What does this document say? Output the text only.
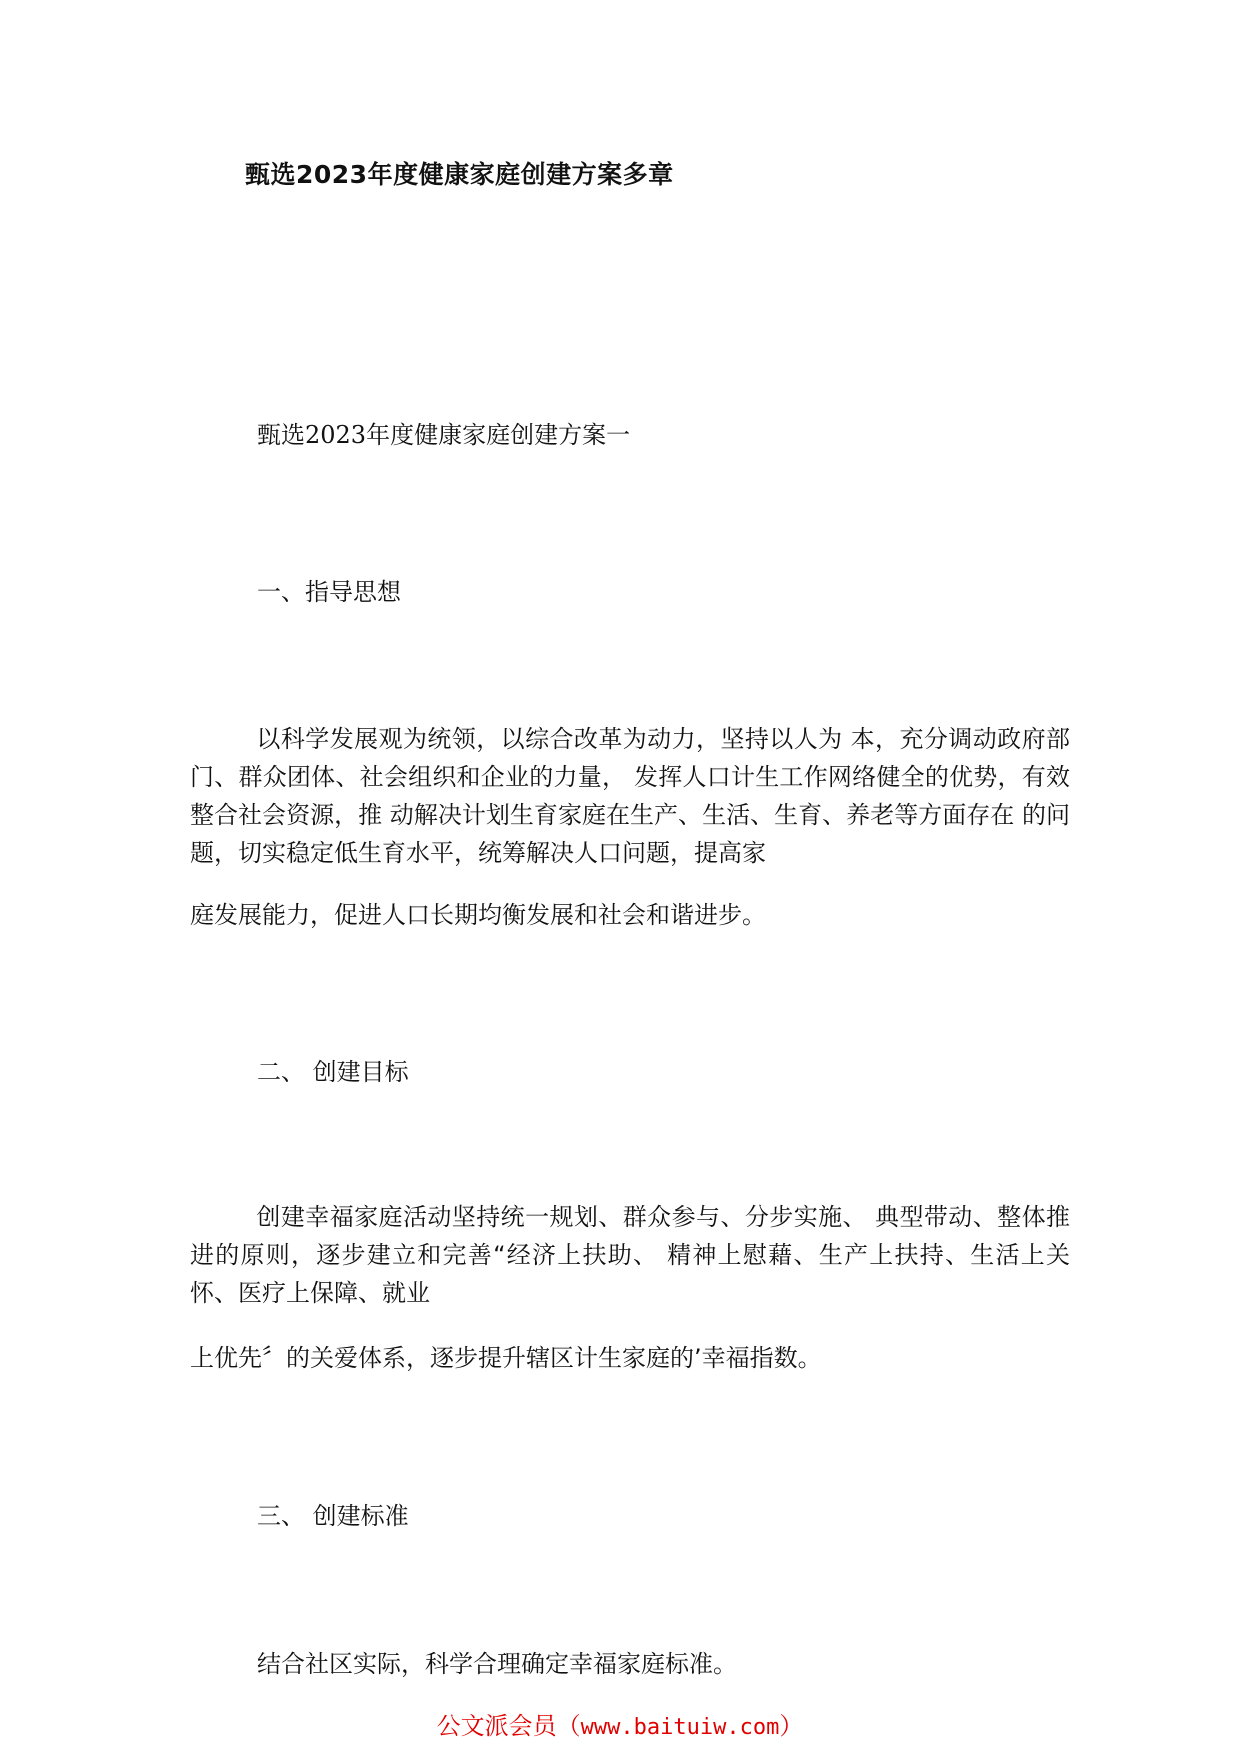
甄选2023年度健康家庭创建方案多章
甄选2023年度健康家庭创建方案一
一、指导思想
以科学发展观为统领，以综合改革为动力，坚持以人为 本，充分调动政府部门、群众团体、社会组织和企业的力量， 发挥人口计生工作网络健全的优势，有效整合社会资源，推 动解决计划生育家庭在生产、生活、生育、养老等方面存在 的问题，切实稳定低生育水平，统筹解决人口问题，提高家
庭发展能力，促进人口长期均衡发展和社会和谐进步。
二、 创建目标
创建幸福家庭活动坚持统一规划、群众参与、分步实施、 典型带动、整体推进的原则，逐步建立和完善“经济上扶助、 精神上慰藉、生产上扶持、生活上关怀、医疗上保障、就业
上优先〞的关爱体系，逐步提升辖区计生家庭的’幸福指数。
三、 创建标准
结合社区实际，科学合理确定幸福家庭标准。
公文派会员（www.baituiw.com）
